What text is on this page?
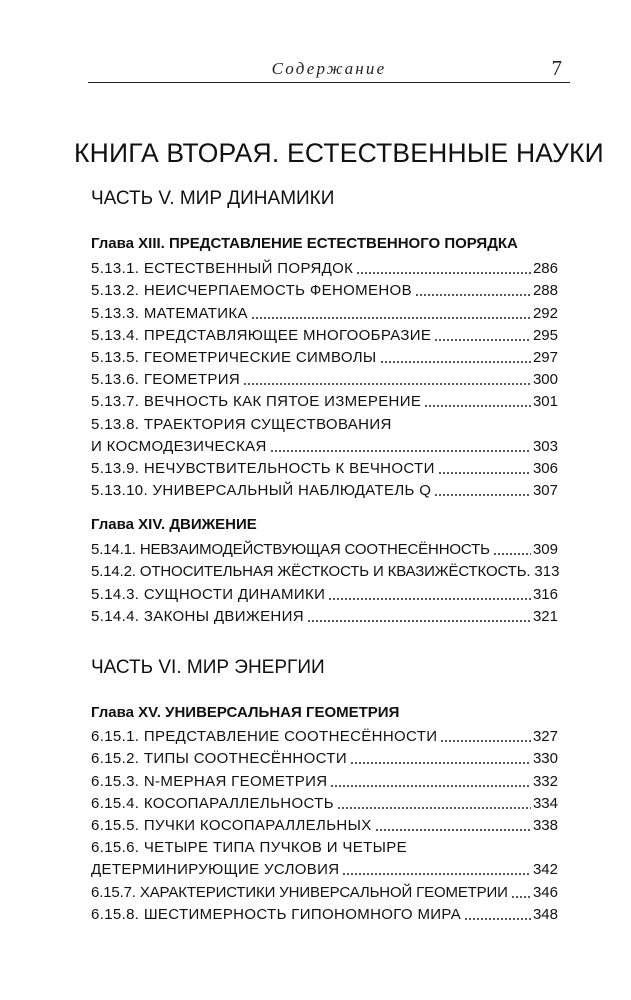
Содержание	7
КНИГА ВТОРАЯ. ЕСТЕСТВЕННЫЕ НАУКИ
ЧАСТЬ V. МИР ДИНАМИКИ
Глава XIII. ПРЕДСТАВЛЕНИЕ ЕСТЕСТВЕННОГО ПОРЯДКА
5.13.1. ЕСТЕСТВЕННЫЙ ПОРЯДОК	286
5.13.2. НЕИСЧЕРПАЕМОСТЬ ФЕНОМЕНОВ	288
5.13.3. МАТЕМАТИКА	292
5.13.4. ПРЕДСТАВЛЯЮЩЕЕ МНОГООБРАЗИЕ	295
5.13.5. ГЕОМЕТРИЧЕСКИЕ СИМВОЛЫ	297
5.13.6. ГЕОМЕТРИЯ	300
5.13.7. ВЕЧНОСТЬ КАК ПЯТОЕ ИЗМЕРЕНИЕ	301
5.13.8. ТРАЕКТОРИЯ СУЩЕСТВОВАНИЯ
И КОСМОДЕЗИЧЕСКАЯ	303
5.13.9. НЕЧУВСТВИТЕЛЬНОСТЬ К ВЕЧНОСТИ	306
5.13.10. УНИВЕРСАЛЬНЫЙ НАБЛЮДАТЕЛЬ Q	307
Глава XIV. ДВИЖЕНИЕ
5.14.1. НЕВЗАИМОДЕЙСТВУЮЩАЯ СООТНЕСЁННОСТЬ	309
5.14.2. ОТНОСИТЕЛЬНАЯ ЖЁСТКОСТЬ И КВАЗИЖЁСТКОСТЬ. 313
5.14.3. СУЩНОСТИ ДИНАМИКИ	316
5.14.4. ЗАКОНЫ ДВИЖЕНИЯ	321
ЧАСТЬ VI. МИР ЭНЕРГИИ
Глава XV. УНИВЕРСАЛЬНАЯ ГЕОМЕТРИЯ
6.15.1. ПРЕДСТАВЛЕНИЕ СООТНЕСЁННОСТИ	327
6.15.2. ТИПЫ СООТНЕСЁННОСТИ	330
6.15.3. N-МЕРНАЯ ГЕОМЕТРИЯ	332
6.15.4. КОСОПАРАЛЛЕЛЬНОСТЬ	334
6.15.5. ПУЧКИ КОСОПАРАЛЛЕЛЬНЫХ	338
6.15.6. ЧЕТЫРЕ ТИПА ПУЧКОВ И ЧЕТЫРЕ
ДЕТЕРМИНИРУЮЩИЕ УСЛОВИЯ	342
6.15.7. ХАРАКТЕРИСТИКИ УНИВЕРСАЛЬНОЙ ГЕОМЕТРИИ 346
6.15.8. ШЕСТИМЕРНОСТЬ ГИПОНОМНОГО МИРА	348
